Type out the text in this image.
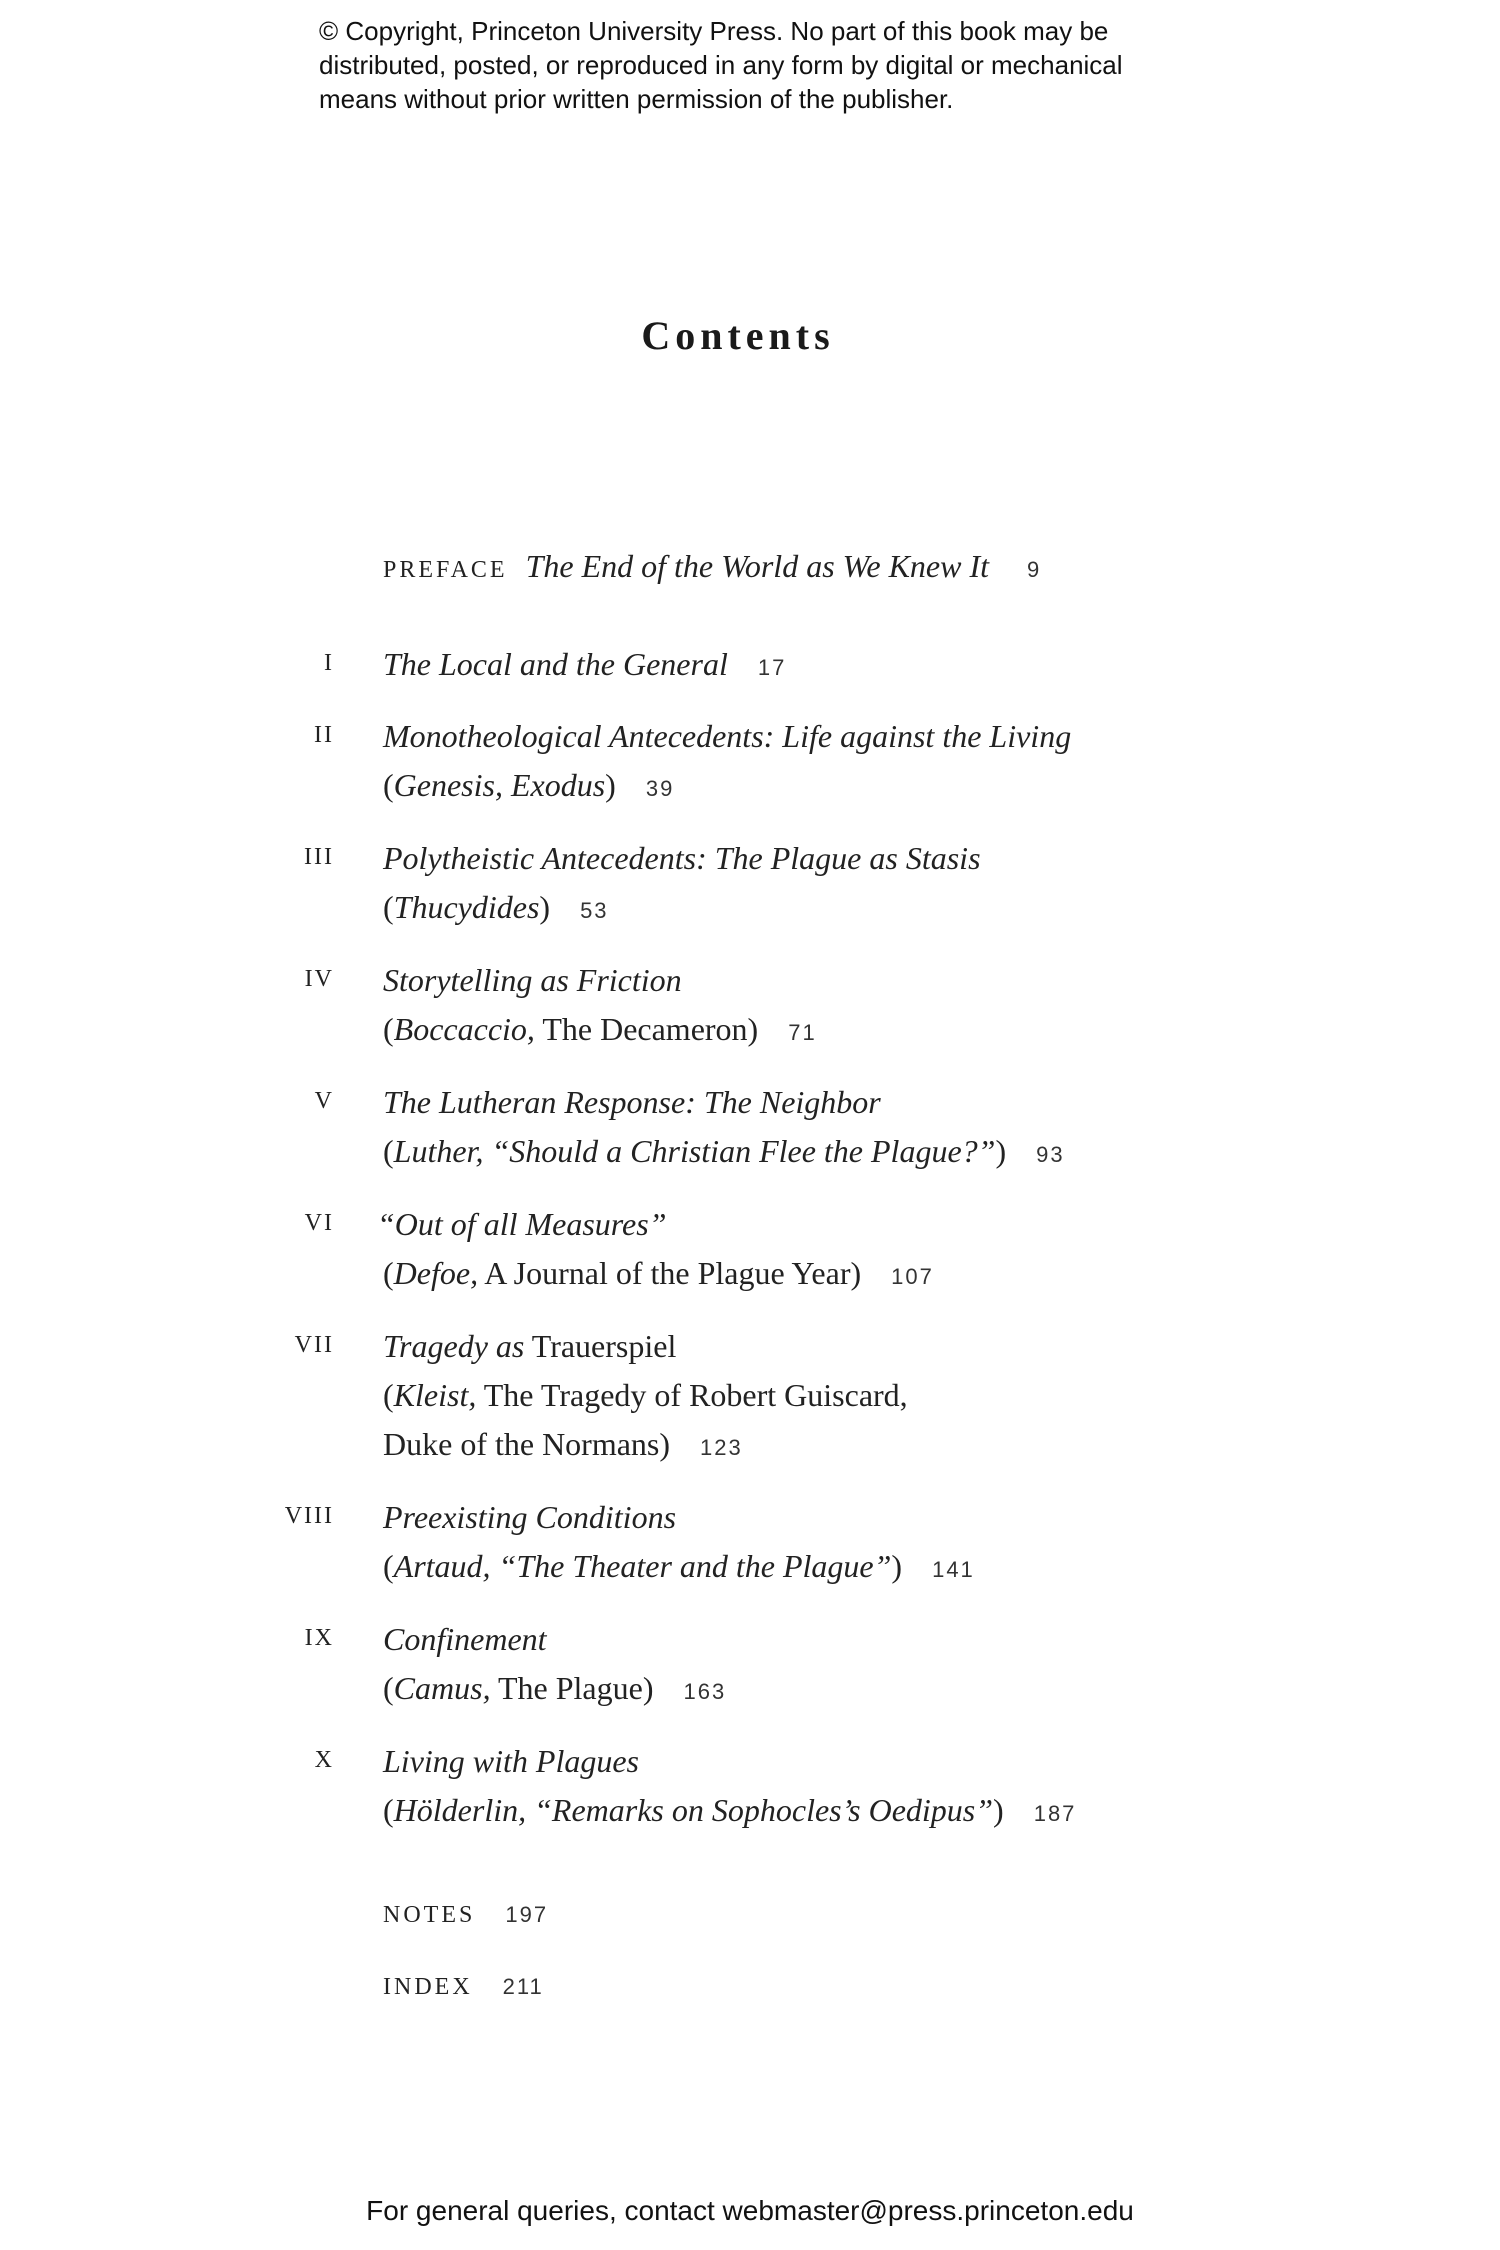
© Copyright, Princeton University Press. No part of this book may be
distributed, posted, or reproduced in any form by digital or mechanical
means without prior written permission of the publisher.
Contents
PREFACE The End of the World as We Knew It 9
I The Local and the General 17
II Monotheological Antecedents: Life against the Living
(Genesis, Exodus) 39
III Polytheistic Antecedents: The Plague as Stasis
(Thucydides) 53
IV Storytelling as Friction
(Boccaccio, The Decameron) 71
V The Lutheran Response: The Neighbor
(Luther, “Should a Christian Flee the Plague?”) 93
VI “Out of all Measures”
(Defoe, A Journal of the Plague Year) 107
VII Tragedy as Trauerspiel
(Kleist, The Tragedy of Robert Guiscard,
Duke of the Normans) 123
VIII Preexisting Conditions
(Artaud, “The Theater and the Plague”) 141
IX Confinement
(Camus, The Plague) 163
X Living with Plagues
(Hölderlin, “Remarks on Sophocles’s Oedipus”) 187
NOTES 197
INDEX 211
For general queries, contact webmaster@press.princeton.edu
